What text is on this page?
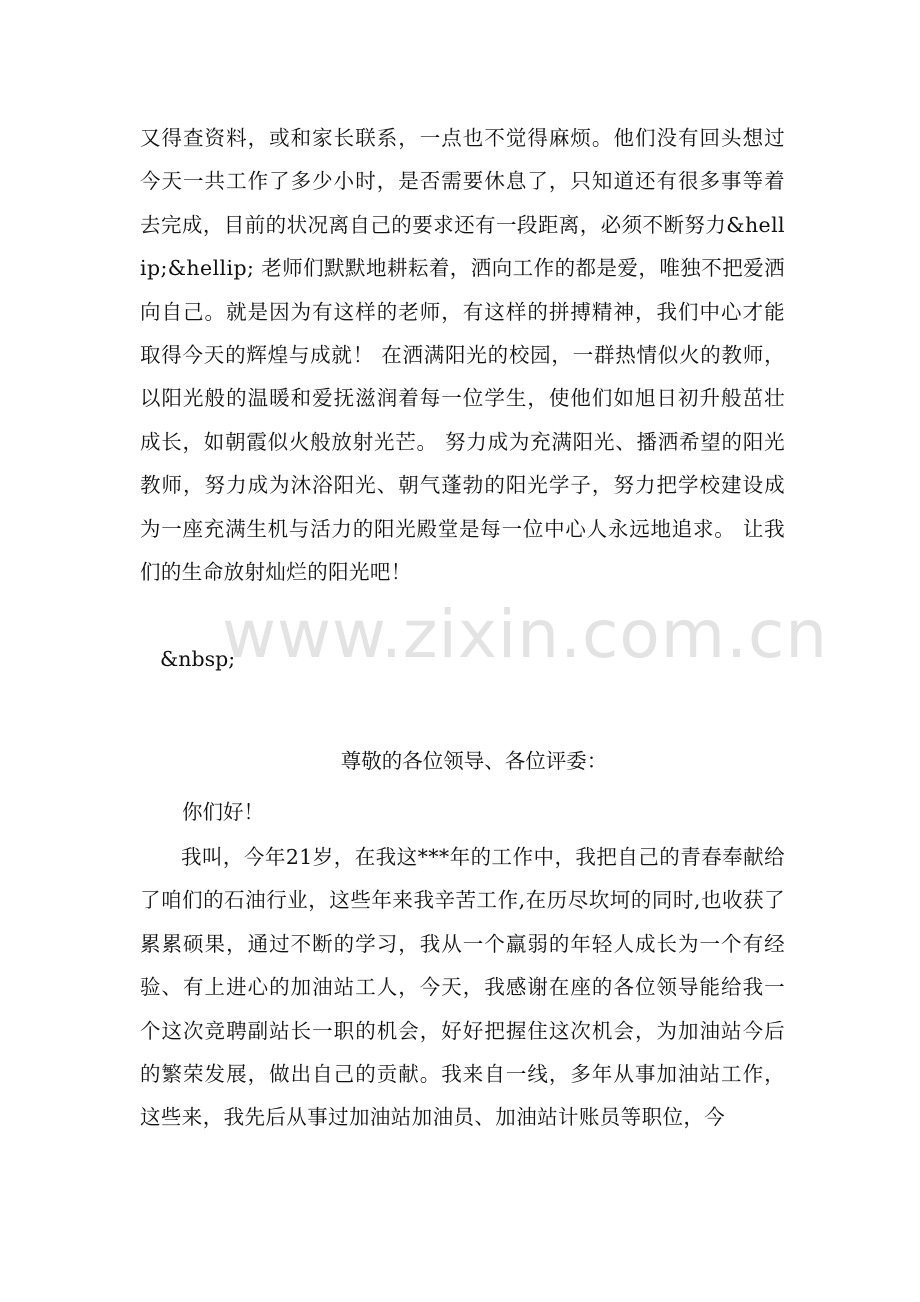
www.zixin.com.cn
又得查资料，或和家长联系，一点也不觉得麻烦。他们没有回头想过今天一共工作了多少小时，是否需要休息了，只知道还有很多事等着去完成，目前的状况离自己的要求还有一段距离，必须不断努力&hellip;&hellip; 老师们默默地耕耘着，洒向工作的都是爱，唯独不把爱洒向自己。就是因为有这样的老师，有这样的拼搏精神，我们中心才能取得今天的辉煌与成就！ 在洒满阳光的校园，一群热情似火的教师，以阳光般的温暖和爱抚滋润着每一位学生，使他们如旭日初升般茁壮成长，如朝霞似火般放射光芒。 努力成为充满阳光、播洒希望的阳光教师，努力成为沐浴阳光、朝气蓬勃的阳光学子，努力把学校建设成为一座充满生机与活力的阳光殿堂是每一位中心人永远地追求。 让我们的生命放射灿烂的阳光吧！
&nbsp;
尊敬的各位领导、各位评委：
你们好！
我叫，今年21岁，在我这***年的工作中，我把自己的青春奉献给了咱们的石油行业，这些年来我辛苦工作,在历尽坎坷的同时,也收获了累累硕果，通过不断的学习，我从一个羸弱的年轻人成长为一个有经验、有上进心的加油站工人，今天，我感谢在座的各位领导能给我一个这次竞聘副站长一职的机会，好好把握住这次机会，为加油站今后的繁荣发展，做出自己的贡献。我来自一线，多年从事加油站工作，这些来，我先后从事过加油站加油员、加油站计账员等职位，今
